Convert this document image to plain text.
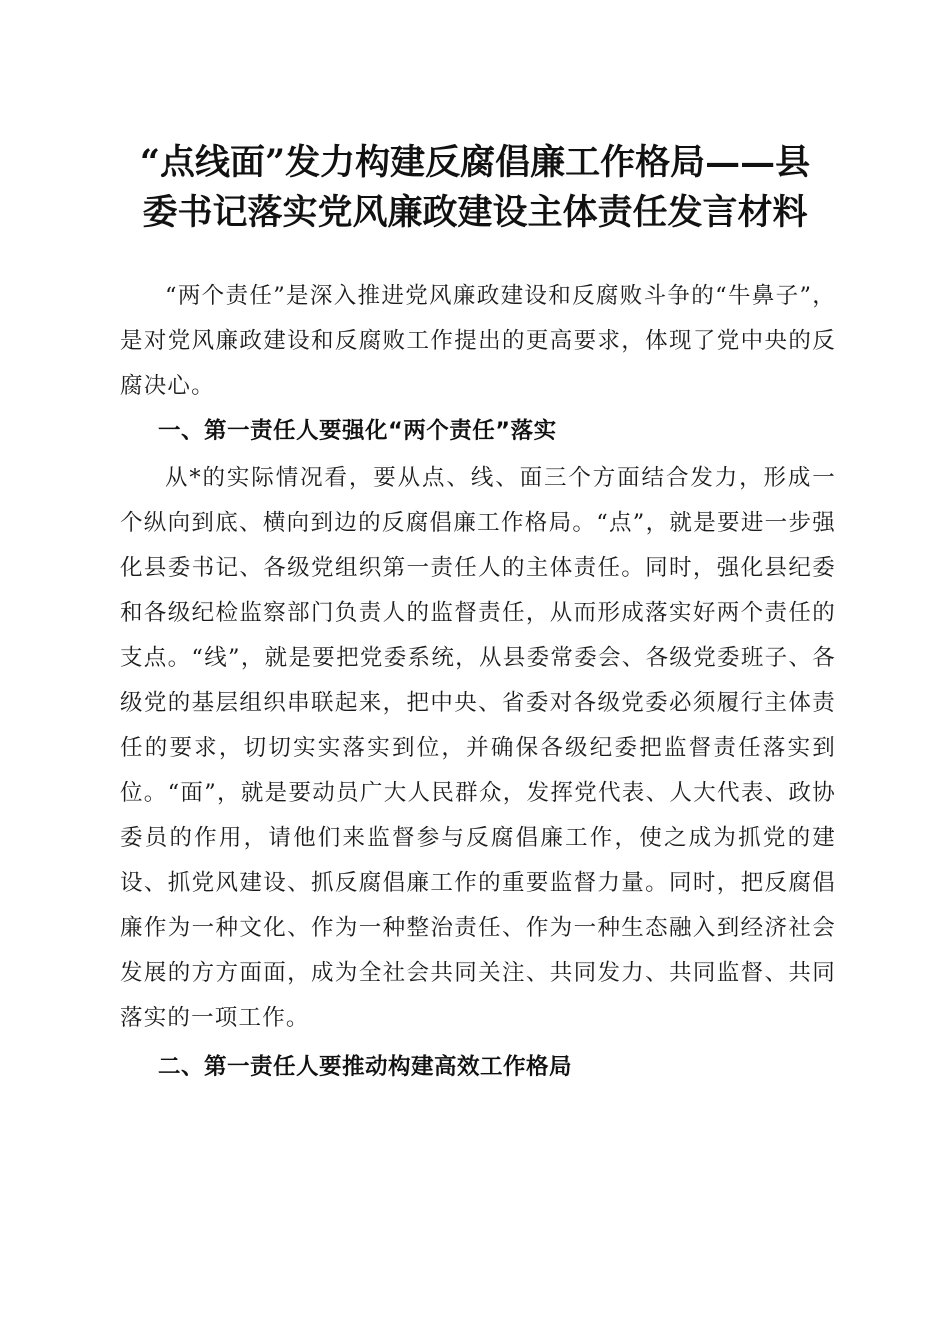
“点线面”发力构建反腐倡廉工作格局——县
委书记落实党风廉政建设主体责任发言材料

“两个责任”是深入推进党风廉政建设和反腐败斗争的“牛鼻子”，是对党风廉政建设和反腐败工作提出的更高要求，体现了党中央的反腐决心。

一、第一责任人要强化“两个责任”落实

从*的实际情况看，要从点、线、面三个方面结合发力，形成一个纵向到底、横向到边的反腐倡廉工作格局。“点”，就是要进一步强化县委书记、各级党组织第一责任人的主体责任。同时，强化县纪委和各级纪检监察部门负责人的监督责任，从而形成落实好两个责任的支点。“线”，就是要把党委系统，从县委常委会、各级党委班子、各级党的基层组织串联起来，把中央、省委对各级党委必须履行主体责任的要求，切切实实落实到位，并确保各级纪委把监督责任落实到位。“面”，就是要动员广大人民群众，发挥党代表、人大代表、政协委员的作用，请他们来监督参与反腐倡廉工作，使之成为抓党的建设、抓党风建设、抓反腐倡廉工作的重要监督力量。同时，把反腐倡廉作为一种文化、作为一种整治责任、作为一种生态融入到经济社会发展的方方面面，成为全社会共同关注、共同发力、共同监督、共同落实的一项工作。

二、第一责任人要推动构建高效工作格局
